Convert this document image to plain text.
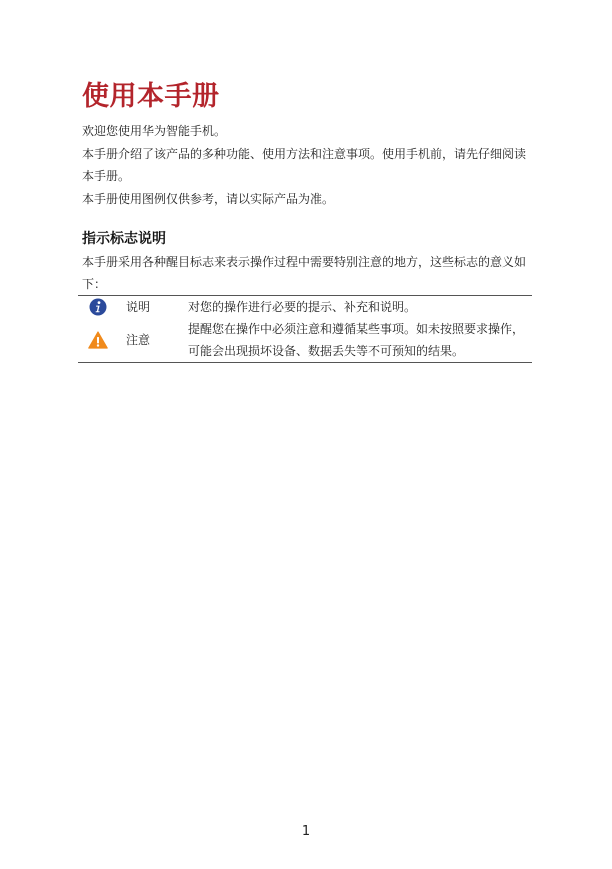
使用本手册

欢迎您使用华为智能手机。

本手册介绍了该产品的多种功能、使用方法和注意事项。使用手机前，请先仔细阅读本手册。

本手册使用图例仅供参考，请以实际产品为准。

指示标志说明

本手册采用各种醒目标志来表示操作过程中需要特别注意的地方，这些标志的意义如下：

说明	对您的操作进行必要的提示、补充和说明。
注意
提醒您在操作中必须注意和遵循某些事项。如未按照要求操作，可能会出现损坏设备、数据丢失等不可预知的结果。
1
